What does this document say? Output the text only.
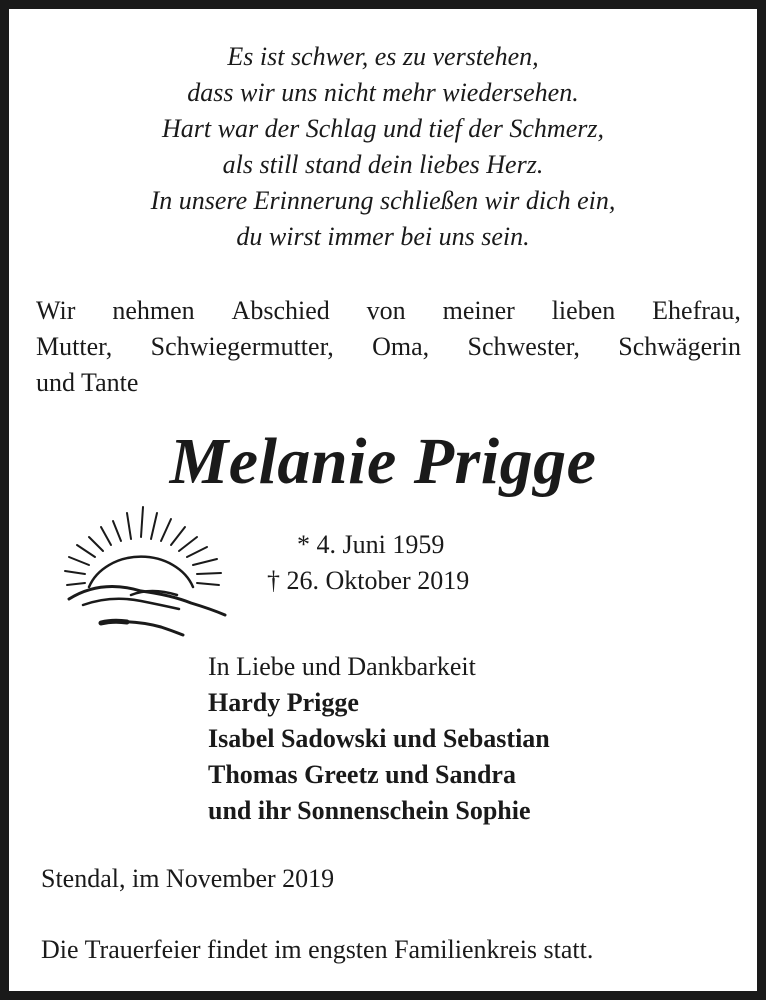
Es ist schwer, es zu verstehen,
dass wir uns nicht mehr wiedersehen.
Hart war der Schlag und tief der Schmerz,
als still stand dein liebes Herz.
In unsere Erinnerung schließen wir dich ein,
du wirst immer bei uns sein.
Wir nehmen Abschied von meiner lieben Ehefrau,
Mutter, Schwiegermutter, Oma, Schwester, Schwägerin
und Tante
Melanie Prigge
* 4. Juni 1959
† 26. Oktober 2019
In Liebe und Dankbarkeit
Hardy Prigge
Isabel Sadowski und Sebastian
Thomas Greetz und Sandra
und ihr Sonnenschein Sophie
Stendal, im November 2019
Die Trauerfeier findet im engsten Familienkreis statt.
